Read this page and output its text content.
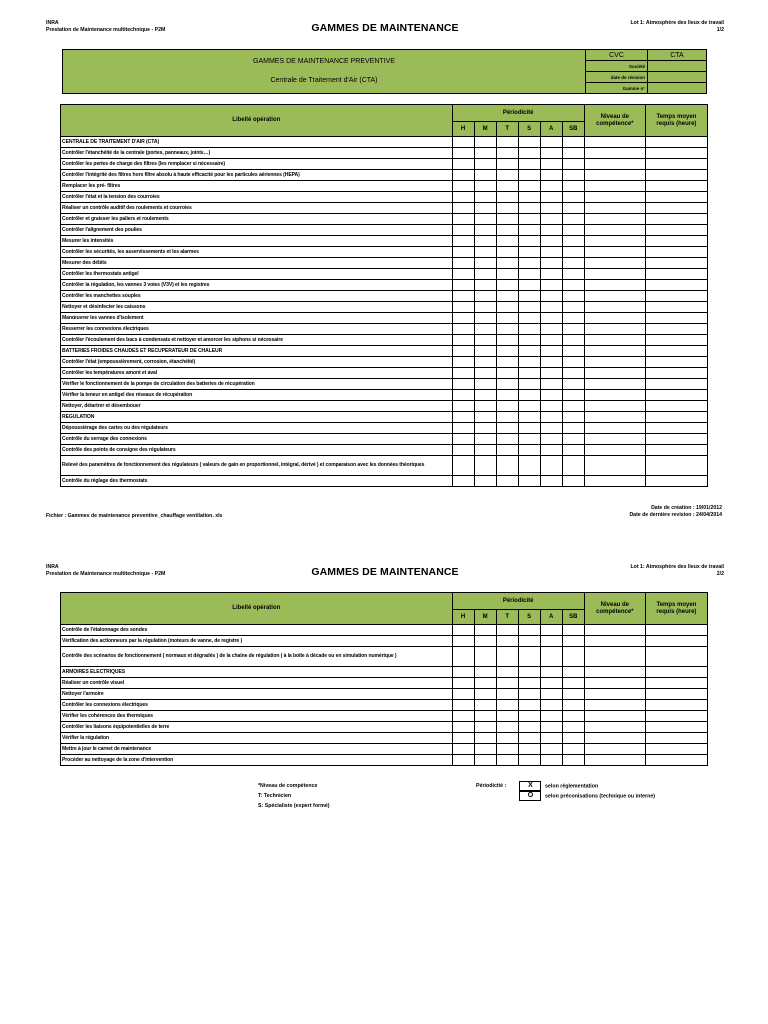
INRA
Prestation de Maintenance multitechnique - P2M	GAMMES DE MAINTENANCE	Lot 1: Atmosphère des lieux de travail
1/2
GAMMES DE MAINTENANCE PREVENTIVE
Centrale de Traitement d'Air (CTA)	CVC	CTA
	Société	
	date de révision	
	Gamme n°	
Libellé opération	Périodicité						Niveau de compétence*	Temps moyen requis (heure)
	H	M	T	S	A	SB		
CENTRALE DE TRAITEMENT D'AIR (CTA)								
Contrôler l'étanchéité de la centrale (portes, panneaux, joints…)								
Contrôler les pertes de charge des filtres (les remplacer si nécessaire)								
Contrôler l'intégrité des filtres hors filtre absolu à haute efficacité pour les particules aériennes (HEPA)								
Remplacer les pré- filtres								
Contrôler l'état et la tension des courroies								
Réaliser un contrôle auditif des roulements et courroies								
Contrôler et graisser les paliers et roulements								
Contrôler l'alignement des poulies								
Mesurer les intensités								
Contrôler les sécurités, les asservissements et les alarmes								
Mesurer des débits								
Contrôler les thermostats antigel								
Contrôler la régulation, les vannes 3 voies (V3V) et les registres								
Contrôler les manchettes souples								
Nettoyer et désinfecter les caissons								
Manœuvrer les vannes d'isolement								
Resserrer les connexions électriques								
Contrôler l'écoulement des bacs à condensats et nettoyer et amorcer les siphons si nécessaire								
BATTERIES FROIDES CHAUDES ET RECUPERATEUR DE CHALEUR								
Contrôler l'état (empoussièrement, corrosion, étanchéité)								
Contrôler les températures amont et aval								
Vérifier le fonctionnement de la pompe de circulation des batteries de récupération								
Vérifier la teneur en antigel des réseaux de récupération								
Nettoyer, détartrer et désembouer								
REGULATION								
Dépoussiérage des cartes ou des régulateurs								
Contrôle du serrage des connexions								
Contrôle des points de consigne des régulateurs								
Relevé des paramètres de fonctionnement des régulateurs ( valeurs de gain en proportionnel, intégral, dérivé ) et comparaison avec les données théoriques								
Contrôle du réglage des thermostats								
Fichier : Gammes de maintenance preventive_chauffage ventilation. xls
Date de création : 19/01/2012
Date de dernière revision : 24/04/2014
INRA
Prestation de Maintenance multitechnique - P2M	GAMMES DE MAINTENANCE	Lot 1: Atmosphère des lieux de travail
2/2
Libellé opération	Périodicité						Niveau de compétence*	Temps moyen requis (heure)
	H	M	T	S	A	SB		
Contrôle de l'étalonnage des sondes								
Vérification des actionneurs par la régulation (moteurs de vanne, de registre )								
Contrôle des scénarios de fonctionnement ( normaux et dégradés ) de la chaîne de régulation ( à la boîte à décade ou en simulation numérique )								
ARMOIRES ELECTRIQUES								
Réaliser un contrôle visuel								
Nettoyer l'armoire								
Contrôler les connexions électriques								
Vérifier les cohérences des thermiques								
Contrôler les liaisons équipotentielles de terre								
Vérifier la régulation								
Mettre à jour le carnet de maintenance								
Procéder au nettoyage de la zone d'intervention								
*Niveau de compétence
T: Technicien
S: Spécialiste (expert formé)
Périodicité :	X selon réglementation
O selon préconisations (technique ou interne)
